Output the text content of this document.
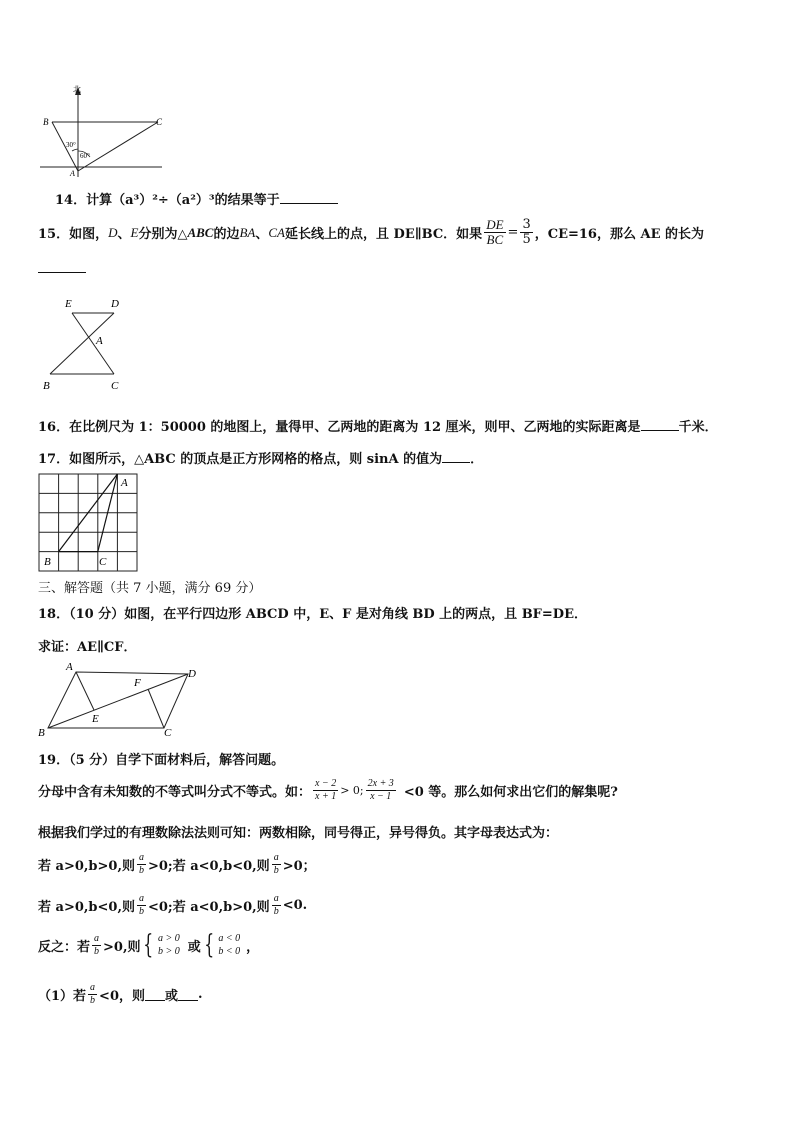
北
B	C
A
30°
60°
14．计算（a³）²÷（a²）³的结果等于
15．如图， D 、 E 分别为△ ABC 的边 BA 、 CA 延长线上的点，且 DE∥BC．如果 $\frac{DE}{BC} = \frac{3}{5}$ ，CE=16，那么 AE 的长为
E	D
A
B	C
16．在比例尺为 1：50000 的地图上，量得甲、乙两地的距离为 12 厘米，则甲、乙两地的实际距离是	千米．
17．如图所示，△ABC 的顶点是正方形网格的格点，则 sinA 的值为 ．
A
B	C
三、解答题（共 7 小题，满分 69 分）
18．（10 分）如图，在平行四边形 ABCD 中，E、F 是对角线 BD 上的两点，且 BF=DE．
求证：AE∥CF．
A
D
F
E
B	C
19．（5 分）自学下面材料后，解答问题。
分母中含有未知数的不等式叫分式不等式。如： $\frac{x - 2}{x + 1} > 0$; $\frac{2x + 3}{x - 1} <0$ 等。那么如何求出它们的解集呢?
根据我们学过的有理数除法法则可知：两数相除，同号得正，异号得负。其字母表达式为：
若 a>0,b>0,则 $\frac{a}{b} >0$;若 a<0,b<0,则 $\frac{a}{b} >0$；
若 a>0,b<0,则 $\frac{a}{b} <0$;若 a<0,b>0,则 $\frac{a}{b} <0$.
反之：若 $\frac{a}{b} >0$,则 { a > 0
b > 0 或 { a < 0
b < 0 ，
（1）若 $\frac{a}{b} <0$，则 或 .
